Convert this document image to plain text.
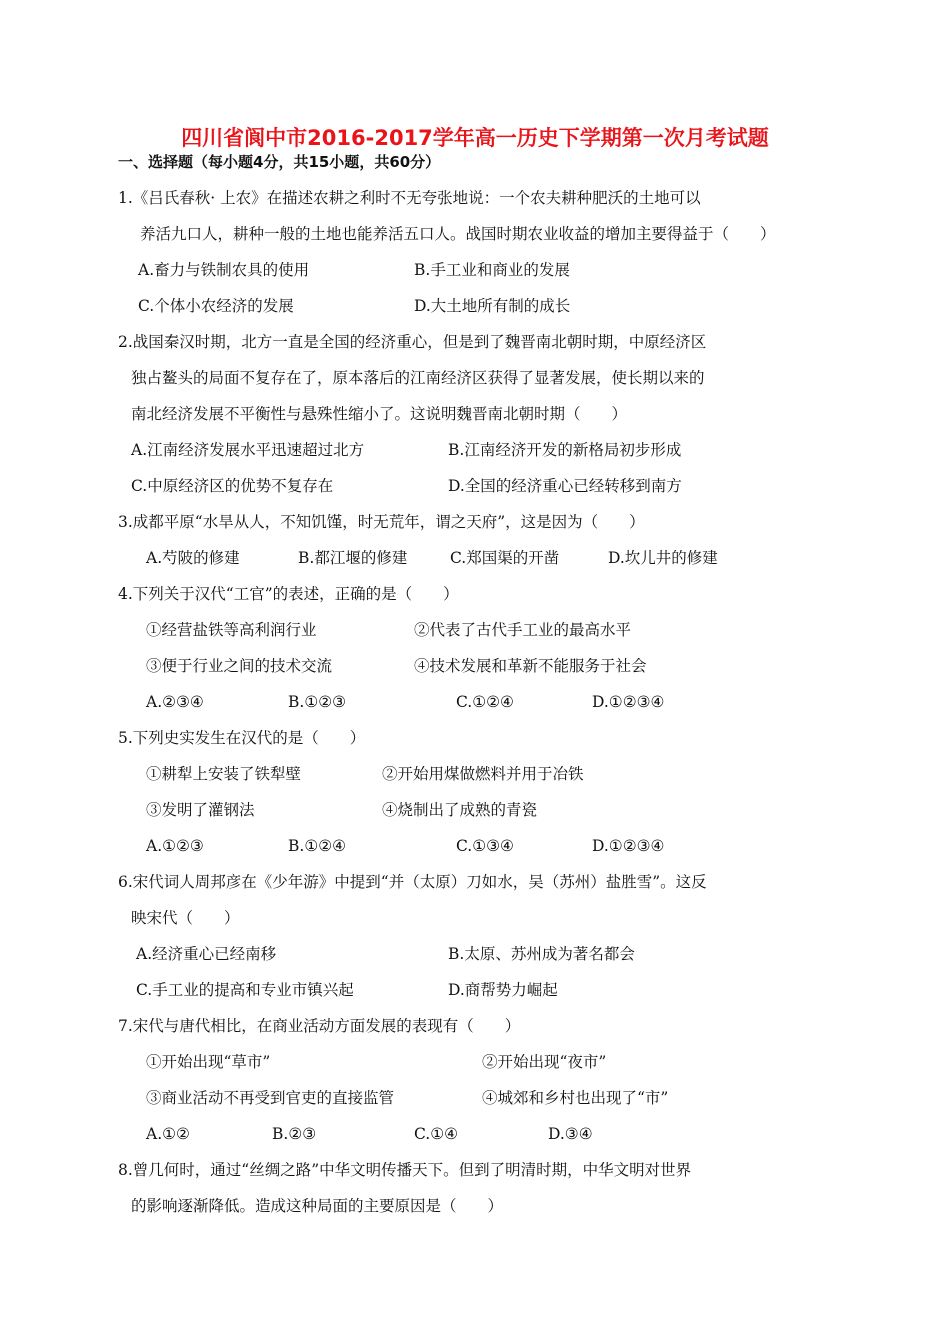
四川省阆中市2016-2017学年高一历史下学期第一次月考试题
一、选择题（每小题4分，共15小题，共60分）
1.《吕氏春秋· 上农》在描述农耕之利时不无夸张地说：一个农夫耕种肥沃的土地可以
养活九口人，耕种一般的土地也能养活五口人。战国时期农业收益的增加主要得益于（　　）
A.畜力与铁制农具的使用	B.手工业和商业的发展
C.个体小农经济的发展	D.大土地所有制的成长
2.战国秦汉时期，北方一直是全国的经济重心，但是到了魏晋南北朝时期，中原经济区
独占鳌头的局面不复存在了，原本落后的江南经济区获得了显著发展，使长期以来的
南北经济发展不平衡性与悬殊性缩小了。这说明魏晋南北朝时期（　　）
A.江南经济发展水平迅速超过北方	B.江南经济开发的新格局初步形成
C.中原经济区的优势不复存在	D.全国的经济重心已经转移到南方
3.成都平原“水旱从人，不知饥馑，时无荒年，谓之天府”，这是因为（　　）
A.芍陂的修建	B.都江堰的修建	C.郑国渠的开凿	D.坎儿井的修建
4.下列关于汉代“工官”的表述，正确的是（　　）
①经营盐铁等高利润行业	②代表了古代手工业的最高水平
③便于行业之间的技术交流	④技术发展和革新不能服务于社会
A.②③④	B.①②③	C.①②④	D.①②③④
5.下列史实发生在汉代的是（　　）
①耕犁上安装了铁犁壁	②开始用煤做燃料并用于冶铁
③发明了灌钢法	④烧制出了成熟的青瓷
A.①②③	B.①②④	C.①③④	D.①②③④
6.宋代词人周邦彦在《少年游》中提到“并（太原）刀如水，吴（苏州）盐胜雪”。这反
映宋代（　　）
A.经济重心已经南移	B.太原、苏州成为著名都会
C.手工业的提高和专业市镇兴起	D.商帮势力崛起
7.宋代与唐代相比，在商业活动方面发展的表现有（　　）
①开始出现“草市”	②开始出现“夜市”
③商业活动不再受到官吏的直接监管	④城郊和乡村也出现了“市”
A.①②	B.②③	C.①④	D.③④
8.曾几何时，通过“丝绸之路”中华文明传播天下。但到了明清时期，中华文明对世界
的影响逐渐降低。造成这种局面的主要原因是（　　）
